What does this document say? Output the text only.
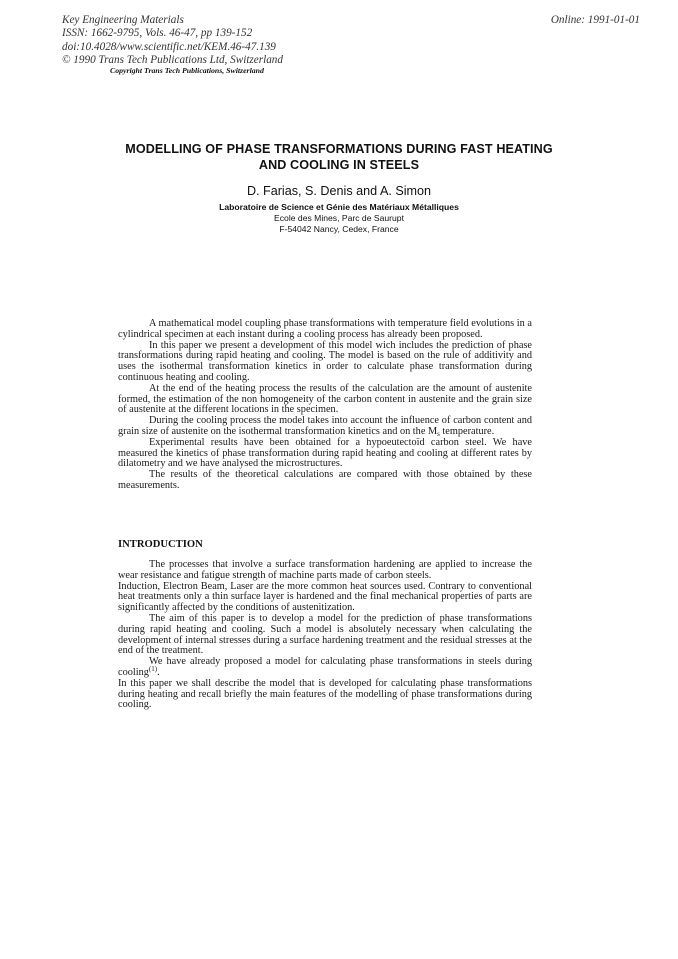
Key Engineering Materials
ISSN: 1662-9795, Vols. 46-47, pp 139-152
doi:10.4028/www.scientific.net/KEM.46-47.139
© 1990 Trans Tech Publications Ltd, Switzerland
Online: 1991-01-01
Copyright Trans Tech Publications, Switzerland
MODELLING OF PHASE TRANSFORMATIONS DURING FAST HEATING
AND COOLING IN STEELS
D. Farias, S. Denis and A. Simon
Laboratoire de Science et Génie des Matériaux Métalliques
Ecole des Mines, Parc de Saurupt
F-54042 Nancy, Cedex, France

A mathematical model coupling phase transformations with temperature field evolutions in a cylindrical specimen at each instant during a cooling process has already been proposed.

In this paper we present a development of this model wich includes the prediction of phase transformations during rapid heating and cooling. The model is based on the rule of additivity and uses the isothermal transformation kinetics in order to calculate phase transformation during continuous heating and cooling.

At the end of the heating process the results of the calculation are the amount of austenite formed, the estimation of the non homogeneity of the carbon content in austenite and the grain size of austenite at the different locations in the specimen.

During the cooling process the model takes into account the influence of carbon content and grain size of austenite on the isothermal transformation kinetics and on the $M_s$ temperature.

Experimental results have been obtained for a hypoeutectoïd carbon steel. We have measured the kinetics of phase transformation during rapid heating and cooling at different rates by dilatometry and we have analysed the microstructures.

The results of the theoretical calculations are compared with those obtained by these measurements.

INTRODUCTION

The processes that involve a surface transformation hardening are applied to increase the wear resistance and fatigue strength of machine parts made of carbon steels.

Induction, Electron Beam, Laser are the more common heat sources used. Contrary to conventional heat treatments only a thin surface layer is hardened and the final mechanical properties of parts are significantly affected by the conditions of austenitization.

The aim of this paper is to develop a model for the prediction of phase transformations during rapid heating and cooling. Such a model is absolutely necessary when calculating the development of internal stresses during a surface hardening treatment and the residual stresses at the end of the treatment.

We have already proposed a model for calculating phase transformations in steels during cooling$^{(1)}$.

In this paper we shall describe the model that is developed for calculating phase transformations during heating and recall briefly the main features of the modelling of phase transformations during cooling.
